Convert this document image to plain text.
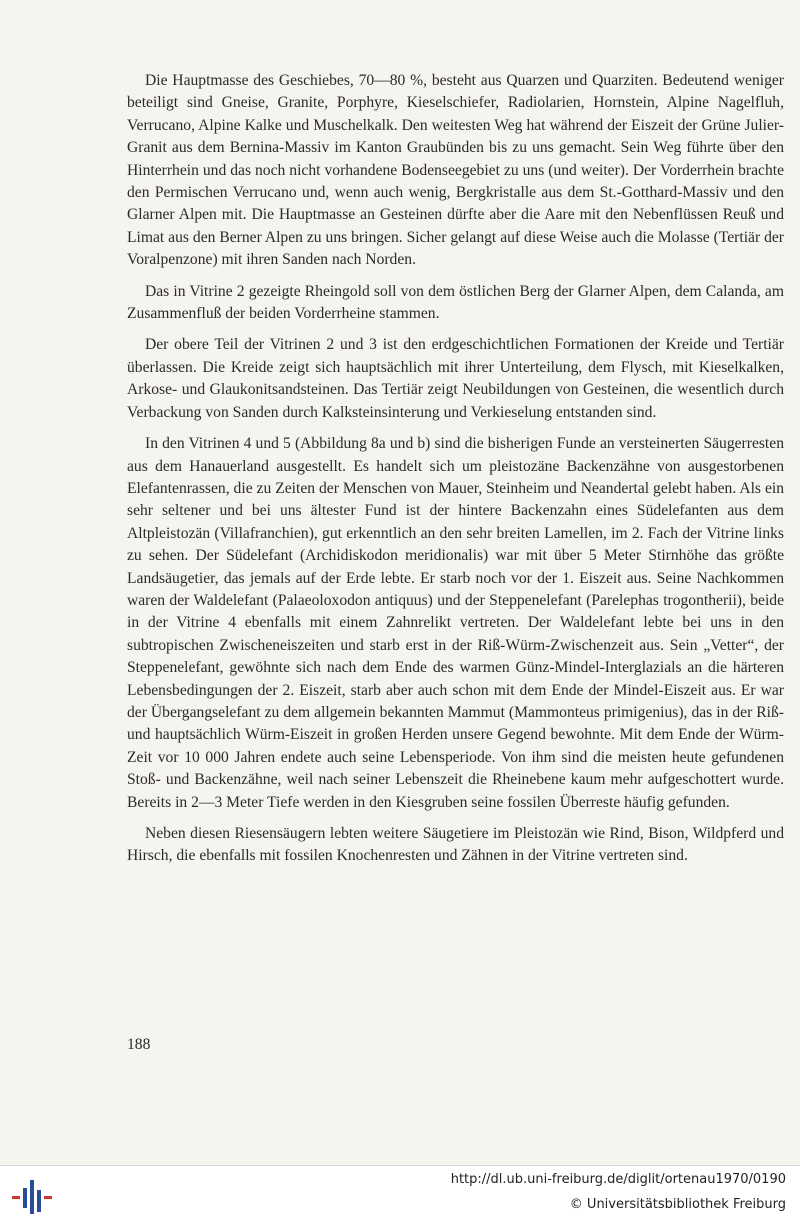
Die Hauptmasse des Geschiebes, 70—80 %, besteht aus Quarzen und Quarziten. Bedeutend weniger beteiligt sind Gneise, Granite, Porphyre, Kieselschiefer, Radiolarien, Hornstein, Alpine Nagelfluh, Verrucano, Alpine Kalke und Muschelkalk. Den weitesten Weg hat während der Eiszeit der Grüne Julier-Granit aus dem Bernina-Massiv im Kanton Graubünden bis zu uns gemacht. Sein Weg führte über den Hinterrhein und das noch nicht vorhandene Bodenseegebiet zu uns (und weiter). Der Vorderrhein brachte den Permischen Verrucano und, wenn auch wenig, Bergkristalle aus dem St.-Gotthard-Massiv und den Glarner Alpen mit. Die Hauptmasse an Gesteinen dürfte aber die Aare mit den Nebenflüssen Reuß und Limat aus den Berner Alpen zu uns bringen. Sicher gelangt auf diese Weise auch die Molasse (Tertiär der Voralpenzone) mit ihren Sanden nach Norden.

Das in Vitrine 2 gezeigte Rheingold soll von dem östlichen Berg der Glarner Alpen, dem Calanda, am Zusammenfluß der beiden Vorderrheine stammen.

Der obere Teil der Vitrinen 2 und 3 ist den erdgeschichtlichen Formationen der Kreide und Tertiär überlassen. Die Kreide zeigt sich hauptsächlich mit ihrer Unterteilung, dem Flysch, mit Kieselkalken, Arkose- und Glaukonitsandsteinen. Das Tertiär zeigt Neubildungen von Gesteinen, die wesentlich durch Verbackung von Sanden durch Kalksteinsinterung und Verkieselung entstanden sind.

In den Vitrinen 4 und 5 (Abbildung 8a und b) sind die bisherigen Funde an versteinerten Säugerresten aus dem Hanauerland ausgestellt. Es handelt sich um pleistozäne Backenzähne von ausgestorbenen Elefantenrassen, die zu Zeiten der Menschen von Mauer, Steinheim und Neandertal gelebt haben. Als ein sehr seltener und bei uns ältester Fund ist der hintere Backenzahn eines Südelefanten aus dem Altpleistozän (Villafranchien), gut erkenntlich an den sehr breiten Lamellen, im 2. Fach der Vitrine links zu sehen. Der Südelefant (Archidiskodon meridionalis) war mit über 5 Meter Stirnhöhe das größte Landsäugetier, das jemals auf der Erde lebte. Er starb noch vor der 1. Eiszeit aus. Seine Nachkommen waren der Waldelefant (Palaeoloxodon antiquus) und der Steppenelefant (Parelephas trogontherii), beide in der Vitrine 4 ebenfalls mit einem Zahnrelikt vertreten. Der Waldelefant lebte bei uns in den subtropischen Zwischeneiszeiten und starb erst in der Riß-Würm-Zwischenzeit aus. Sein „Vetter“, der Steppenelefant, gewöhnte sich nach dem Ende des warmen Günz-Mindel-Interglazials an die härteren Lebensbedingungen der 2. Eiszeit, starb aber auch schon mit dem Ende der Mindel-Eiszeit aus. Er war der Übergangselefant zu dem allgemein bekannten Mammut (Mammonteus primigenius), das in der Riß- und hauptsächlich Würm-Eiszeit in großen Herden unsere Gegend bewohnte. Mit dem Ende der Würm-Zeit vor 10 000 Jahren endete auch seine Lebensperiode. Von ihm sind die meisten heute gefundenen Stoß- und Backenzähne, weil nach seiner Lebenszeit die Rheinebene kaum mehr aufgeschottert wurde. Bereits in 2—3 Meter Tiefe werden in den Kiesgruben seine fossilen Überreste häufig gefunden.

Neben diesen Riesensäugern lebten weitere Säugetiere im Pleistozän wie Rind, Bison, Wildpferd und Hirsch, die ebenfalls mit fossilen Knochenresten und Zähnen in der Vitrine vertreten sind.

188
http://dl.ub.uni-freiburg.de/diglit/ortenau1970/0190
© Universitätsbibliothek Freiburg
